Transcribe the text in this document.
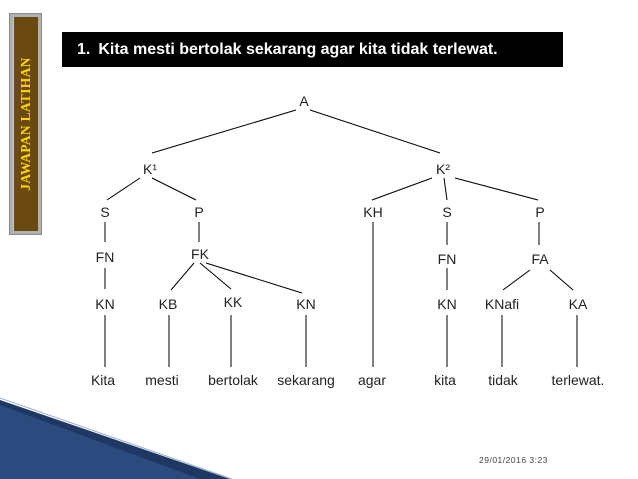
JAWAPAN LATIHAN
1. Kita mesti bertolak sekarang agar kita tidak terlewat.
A
K¹	K²
S	P	KH	S	P
FN	FK	FN	FA
KN	KB	KK	KN	KN KNafi	KA
Kita mesti bertolak sekarang agar	kita tidak terlewat.
29/01/2016 3:23
